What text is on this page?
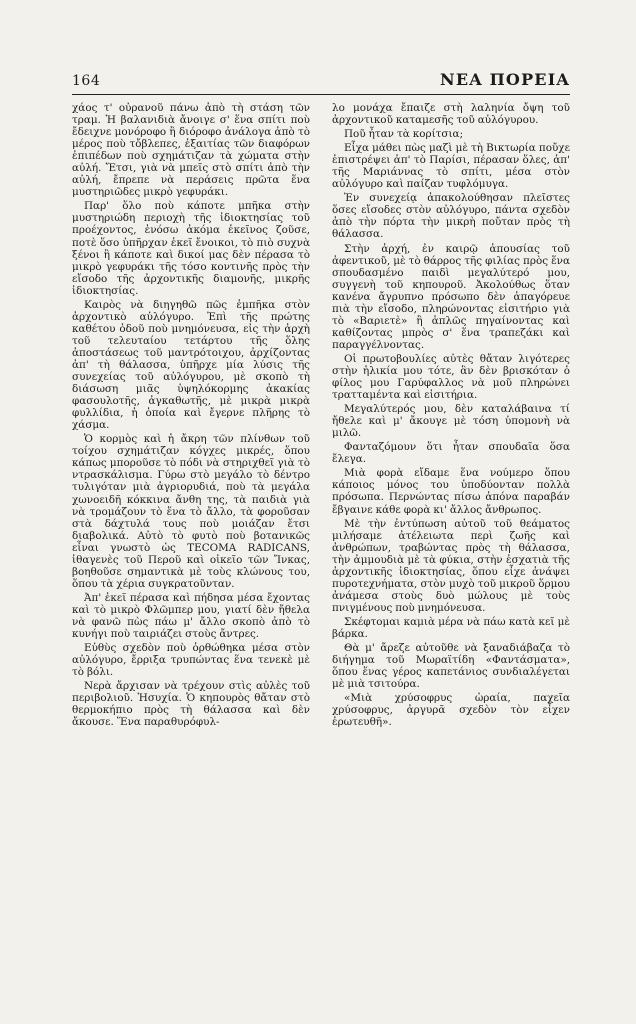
164	ΝΕΑ ΠΟΡΕΙΑ

χάος τ' οὐρανοῦ πάνω ἀπὸ τὴ στάση τῶν τραμ. Ἡ βαλανιδιὰ ἄνοιγε σ' ἕνα σπίτι ποὺ ἔδειχνε μονόροφο ἢ διόροφο ἀνάλογα ἀπὸ τὸ μέρος ποὺ τὄβλεπες, ἐξαιτίας τῶν διαφόρων ἐπιπέδων ποὺ σχημάτιζαν τὰ χώματα στὴν αὐλή. Ἔτσι, γιὰ νὰ μπεῖς στὸ σπίτι ἀπὸ τὴν αὐλή, ἔπρεπε νὰ περάσεις πρῶτα ἕνα μυστηριῶδες μικρὸ γεφυράκι.

Παρ' ὅλο ποὺ κάποτε μπῆκα στὴν μυστηριώδη περιοχὴ τῆς ἰδιοκτησίας τοῦ προέχοντος, ἐνόσω ἀκόμα ἐκεῖνος ζοῦσε, ποτὲ ὅσο ὑπῆρχαν ἐκεῖ ἔνοικοι, τὸ πιὸ συχνὰ ξένοι ἢ κάποτε καὶ δικοί μας δὲν πέρασα τὸ μικρὸ γεφυράκι τῆς τόσο κοντινῆς πρὸς τὴν εἴσοδο τῆς ἀρχοντικῆς διαμονῆς, μικρῆς ἰδιοκτησίας.

Καιρὸς νὰ διηγηθῶ πῶς ἐμπῆκα στὸν ἀρχοντικὸ αὐλόγυρο. Ἐπὶ τῆς πρώτης καθέτου ὁδοῦ ποὺ μνημόνευσα, εἰς τὴν ἀρχὴ τοῦ τελευταίου τετάρτου τῆς ὅλης ἀποστάσεως τοῦ μαντρότοιχου, ἀρχίζοντας ἀπ' τὴ θάλασσα, ὑπῆρχε μία λύσις τῆς συνεχείας τοῦ αὐλόγυρου, μὲ σκοπὸ τὴ διάσωση μιᾶς ὑψηλόκορμης ἀκακίας φασουλοτῆς, ἀγκαθωτῆς, μὲ μικρὰ μικρὰ φυλλίδια, ἡ ὁποία καὶ ἔγερνε πλῆρης τὸ χάσμα.

Ὁ κορμὸς καὶ ἡ ἄκρη τῶν πλίνθων τοῦ τοίχου σχημάτιζαν κόγχες μικρές, ὅπου κάπως μποροῦσε τὸ πόδι νὰ στηριχθεῖ γιὰ τὸ ντρασκάλισμα. Γύρω στὸ μεγάλο τὸ δέντρο τυλιγόταν μιὰ ἀγριορυδιά, ποὺ τὰ μεγάλα χωνοειδῆ κόκκινα ἄνθη της, τὰ παιδιὰ γιὰ νὰ τρομάζουν τὸ ἕνα τὸ ἄλλο, τὰ φοροῦσαν στὰ δάχτυλά τους ποὺ μοιάζαν ἔτσι διαβολικά. Αὐτὸ τὸ φυτὸ ποὺ βοτανικῶς εἶναι γνωστὸ ὡς TECOMA RADICANS, ἰθαγενὲς τοῦ Περοῦ καὶ οἰκεῖο τῶν Ἴνκας, βοηθοῦσε σημαντικὰ μὲ τοὺς κλώνους του, ὅπου τὰ χέρια συγκρατοῦνταν.

Ἀπ' ἐκεῖ πέρασα καὶ πήδησα μέσα ἔχοντας καὶ τὸ μικρὸ Φλῶμπερ μου, γιατί δὲν ἤθελα νὰ φανῶ πὼς πάω μ' ἄλλο σκοπὸ ἀπὸ τὸ κυνήγι ποὺ ταιριάζει στοὺς ἄντρες.

Εὐθὺς σχεδὸν ποὺ ὀρθώθηκα μέσα στὸν αὐλόγυρο, ἔρριξα τρυπώντας ἕνα τενεκὲ μὲ τὸ βόλι.

Νερὰ ἄρχισαν νὰ τρέχουν στὶς αὐλὲς τοῦ περιβολιοῦ. Ἡσυχία. Ὁ κηπουρὸς θἄταν στὸ θερμοκήπιο πρὸς τὴ θάλασσα καὶ δὲν ἄκουσε. Ἕνα παραθυρόφυλ-

λο μονάχα ἔπαιζε στὴ λαληνία ὄψη τοῦ ἀρχοντικοῦ καταμεσῆς τοῦ αὐλόγυρου.

Ποῦ ἦταν τὰ κορίτσια;

Εἶχα μάθει πὼς μαζὶ μὲ τὴ Βικτωρία ποὔχε ἐπιστρέψει ἀπ' τὸ Παρίσι, πέρασαν ὅλες, ἀπ' τῆς Μαριάννας τὸ σπίτι, μέσα στὸν αὐλόγυρο καὶ παίζαν τυφλόμυγα.

Ἐν συνεχείᾳ ἀπακολούθησαν πλεῖστες ὅσες εἴσοδες στὸν αὐλόγυρο, πάντα σχεδὸν ἀπὸ τὴν πόρτα τὴν μικρὴ ποὔταν πρὸς τὴ θάλασσα.

Στὴν ἀρχή, ἐν καιρῷ ἀπουσίας τοῦ ἀφεντικοῦ, μὲ τὸ θάρρος τῆς φιλίας πρὸς ἕνα σπουδασμένο παιδὶ μεγαλύτερό μου, συγγενὴ τοῦ κηπουροῦ. Ἀκολούθως ὅταν κανένα ἄγρυπνο πρόσωπο δὲν ἀπαγόρευε πιὰ τὴν εἴσοδο, πληρώνοντας εἰσιτήριο γιὰ τὸ «Βαριετὲ» ἢ ἁπλῶς πηγαίνοντας καὶ καθίζοντας μπρὸς σ' ἕνα τραπεζάκι καὶ παραγγέλνοντας.

Οἱ πρωτοβουλίες αὐτὲς θἄταν λιγότερες στὴν ἡλικία μου τότε, ἂν δὲν βρισκόταν ὁ φίλος μου Γαρύφαλλος νὰ μοῦ πληρώνει τρατταμέντα καὶ εἰσιτήρια.

Μεγαλύτερός μου, δὲν καταλάβαινα τί ἤθελε καὶ μ' ἄκουγε μὲ τόση ὑπομονὴ νὰ μιλῶ.

Φανταζόμουν ὅτι ἦταν σπουδαῖα ὅσα ἔλεγα.

Μιὰ φορὰ εἴδαμε ἕνα νούμερο ὅπου κάποιος μόνος του ὑποδύονταν πολλὰ πρόσωπα. Περνώντας πίσω ἀπόνα παραβάν ἔβγαινε κάθε φορὰ κι' ἄλλος ἄνθρωπος.

Μὲ τὴν ἐντύπωση αὐτοῦ τοῦ θεάματος μιλήσαμε ἀτέλειωτα περὶ ζωῆς καὶ ἀνθρώπων, τραβώντας πρὸς τὴ θάλασσα, τὴν ἀμμουδιὰ μὲ τὰ φύκια, στὴν ἐσχατιὰ τῆς ἀρχοντικῆς ἰδιοκτησίας, ὅπου εἶχε ἀνάψει πυροτεχνήματα, στὸν μυχὸ τοῦ μικροῦ ὅρμου ἀνάμεσα στοὺς δυὸ μώλους μὲ τοὺς πνιγμένους ποὺ μνημόνευσα.

Σκέφτομαι καμιὰ μέρα νὰ πάω κατὰ κεῖ μὲ βάρκα.

Θὰ μ' ἄρεζε αὐτοῦθε νὰ ξαναδιάβαζα τὸ διήγημα τοῦ Μωραϊτίδη «Φαντάσματα», ὅπου ἕνας γέρος καπετάνιος συνδιαλέγεται μὲ μιὰ τσιτούρα.

«Μιὰ χρύσοφρυς ὡραία, παχεῖα χρύσοφρυς, ἀργυρᾶ σχεδὸν τὸν εἶχεν ἐρωτευθῆ».
